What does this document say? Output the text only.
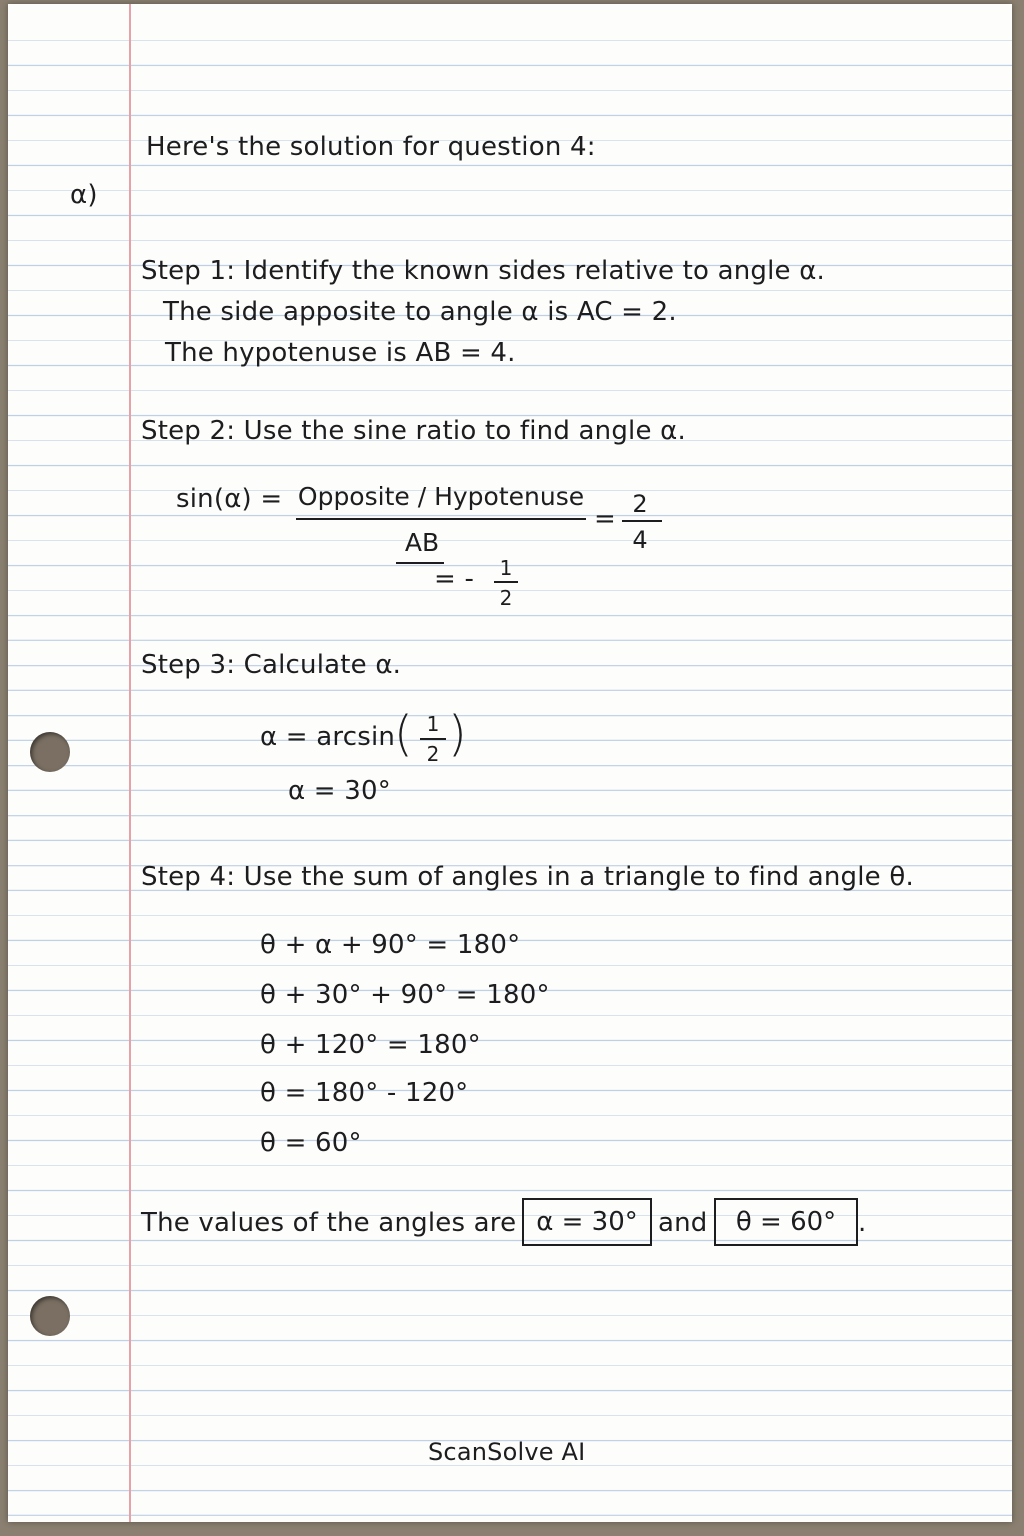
Here's the solution for question 4:
α)
Step 1: Identify the known sides relative to angle α.
The side apposite to angle α is AC = 2.
The hypotenuse is AB = 4.
Step 2: Use the sine ratio to find angle α.
sin(α) = Opposite / Hypotenuse
AB
= 2
4
= - 1
2
Step 3: Calculate α.
α = arcsin
( 1
2 )
α = 30°
Step 4: Use the sum of angles in a triangle to find angle θ.
θ + α + 90° = 180°
θ + 30° + 90° = 180°
θ + 120° = 180°
θ = 180° - 120°
θ = 60°
The values of the angles are α = 30° and	θ = 60° .
ScanSolve AI
